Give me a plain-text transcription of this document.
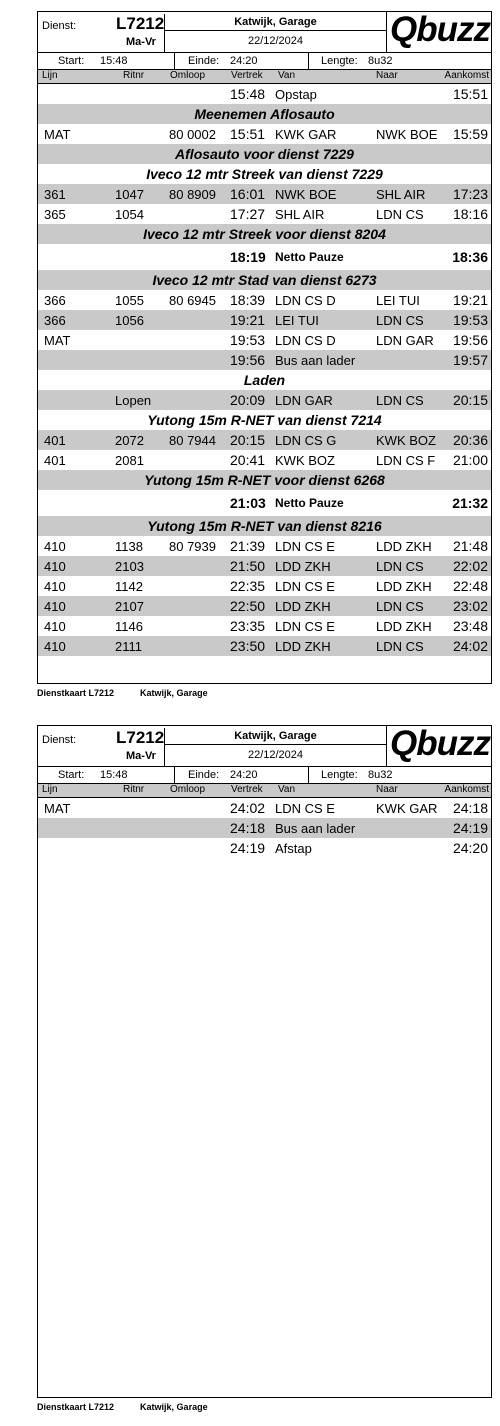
Dienst: L7212
Ma-Vr
Katwijk, Garage
22/12/2024	Qbuzz
Start: 15:48	Einde: 24:20	Lengte: 8u32
Lijn	Ritnr	Omloop	Vertrek Van	Naar	Aankomst
15:48 Opstap	15:51
Meenemen Aflosauto
MAT	80 0002 15:51 KWK GAR	NWK BOE 15:59
Aflosauto voor dienst 7229
Iveco 12 mtr Streek van dienst 7229
361	1047 80 8909 16:01 NWK BOE	SHL AIR 17:23
365	1054	17:27 SHL AIR	LDN CS 18:16
Iveco 12 mtr Streek voor dienst 8204
18:19 Netto Pauze	18:36
Iveco 12 mtr Stad van dienst 6273
366	1055 80 6945 18:39 LDN CS D	LEI TUI 19:21
366	1056	19:21 LEI TUI	LDN CS 19:53
MAT	19:53 LDN CS D	LDN GAR 19:56
19:56 Bus aan lader	19:57
Laden
Lopen	20:09 LDN GAR	LDN CS 20:15
Yutong 15m R-NET van dienst 7214
401	2072 80 7944 20:15 LDN CS G	KWK BOZ 20:36
401	2081	20:41 KWK BOZ	LDN CS F 21:00
Yutong 15m R-NET voor dienst 6268
21:03 Netto Pauze	21:32
Yutong 15m R-NET van dienst 8216
410	1138 80 7939 21:39 LDN CS E	LDD ZKH 21:48
410	2103	21:50 LDD ZKH	LDN CS 22:02
410	1142	22:35 LDN CS E	LDD ZKH 22:48
410	2107	22:50 LDD ZKH	LDN CS 23:02
410	1146	23:35 LDN CS E	LDD ZKH 23:48
410	2111	23:50 LDD ZKH	LDN CS 24:02
Dienstkaart L7212	Katwijk, Garage
Dienst: L7212
Ma-Vr
Katwijk, Garage
22/12/2024	Qbuzz
Start: 15:48	Einde: 24:20	Lengte: 8u32
Lijn	Ritnr	Omloop	Vertrek Van	Naar	Aankomst
MAT	24:02 LDN CS E	KWK GAR 24:18
24:18 Bus aan lader	24:19
24:19 Afstap	24:20
Dienstkaart L7212	Katwijk, Garage
